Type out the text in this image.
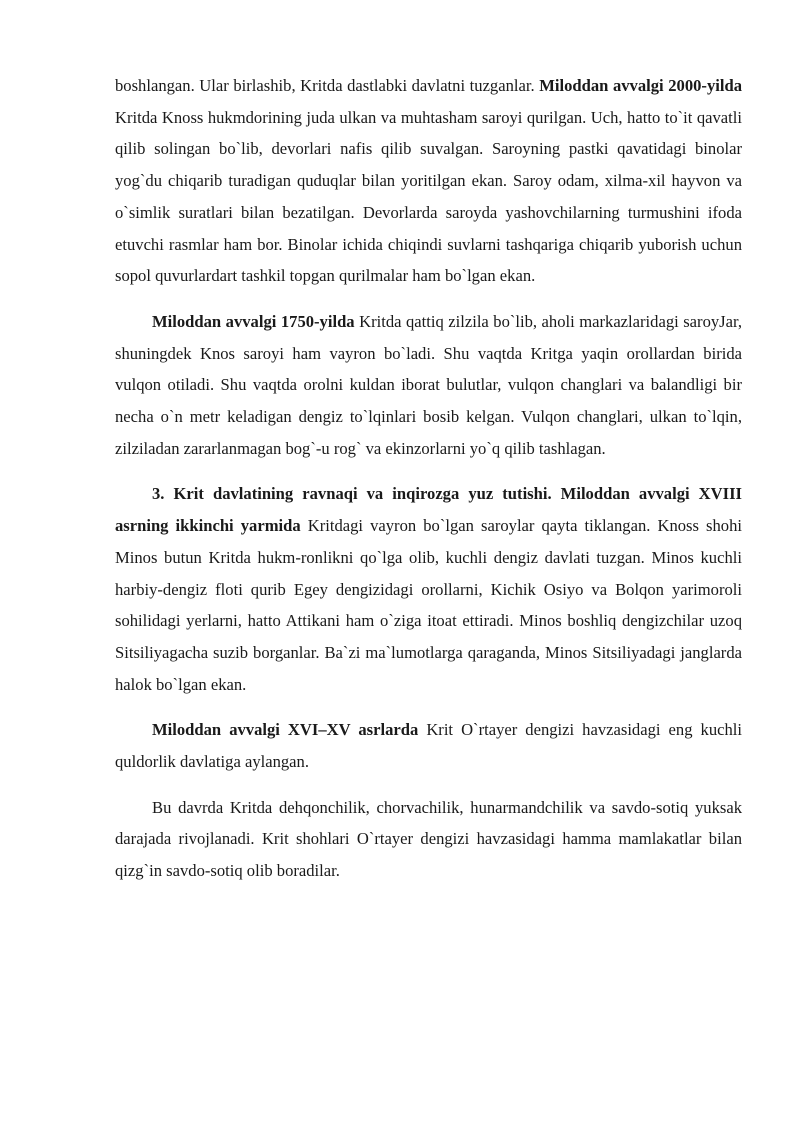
boshlangan. Ular birlashib, Kritda dastlabki davlatni tuzganlar. Miloddan avvalgi 2000-yilda Kritda Knoss hukmdorining juda ulkan va muhtasham saroyi qurilgan. Uch, hatto to`it qavatli qilib solingan bo`lib, devorlari nafis qilib suvalgan. Saroyning pastki qavatidagi binolar yog`du chiqarib turadigan quduqlar bilan yoritilgan ekan. Saroy odam, xilma-xil hayvon va o`simlik suratlari bilan bezatilgan. Devorlarda saroyda yashovchilarning turmushini ifoda etuvchi rasmlar ham bor. Binolar ichida chiqindi suvlarni tashqariga chiqarib yuborish uchun sopol quvurlardart tashkil topgan qurilmalar ham bo`lgan ekan.

Miloddan avvalgi 1750-yilda Kritda qattiq zilzila bo`lib, aholi markazlaridagi saroyJar, shuningdek Knos saroyi ham vayron bo`ladi. Shu vaqtda Kritga yaqin orollardan birida vulqon otiladi. Shu vaqtda orolni kuldan iborat bulutlar, vulqon changlari va balandligi bir necha o`n metr keladigan dengiz to`lqinlari bosib kelgan. Vulqon changlari, ulkan to`lqin, zilziladan zararlanmagan bog`-u rog` va ekinzorlarni yo`q qilib tashlagan.

3. Krit davlatining ravnaqi va inqirozga yuz tutishi. Miloddan avvalgi XVIII asrning ikkinchi yarmida Kritdagi vayron bo`lgan saroylar qayta tiklangan. Knoss shohi Minos butun Kritda hukm-ronlikni qo`lga olib, kuchli dengiz davlati tuzgan. Minos kuchli harbiy-dengiz floti qurib Egey dengizidagi orollarni, Kichik Osiyo va Bolqon yarimoroli sohilidagi yerlarni, hatto Attikani ham o`ziga itoat ettiradi. Minos boshliq dengizchilar uzoq Sitsiliyagacha suzib borganlar. Ba`zi ma`lumotlarga qaraganda, Minos Sitsiliyadagi janglarda halok bo`lgan ekan.

Miloddan avvalgi XVI–XV asrlarda Krit O`rtayer dengizi havzasidagi eng kuchli quldorlik davlatiga aylangan.

Bu davrda Kritda dehqonchilik, chorvachilik, hunarmandchilik va savdo-sotiq yuksak darajada rivojlanadi. Krit shohlari O`rtayer dengizi havzasidagi hamma mamlakatlar bilan qizg`in savdo-sotiq olib boradilar.
